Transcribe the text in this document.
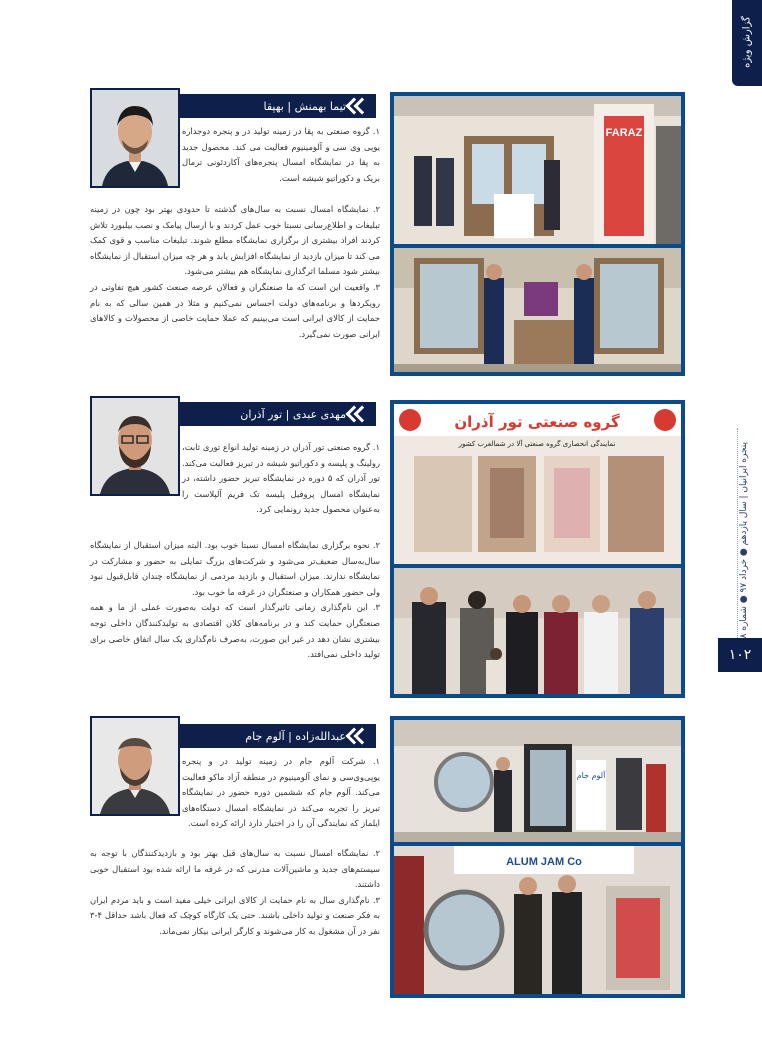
گزارش ویژه
پنجره ایرانیان | سال یازدهم ● خرداد ۹۷ ● شماره
۱۰۲
تیما بهمنش | بهپقا

۱. گروه صنعتی به پقا در زمینه تولید در و پنجره دوجداره یوپی وی سی و آلومینیوم فعالیت می کند. محصول جدید به پقا در نمایشگاه امسال پنجره‌های آکاردئونی ترمال بریک و دکوراتیو شیشه است.

۲. نمایشگاه امسال نسبت به سال‌های گذشته تا حدودی بهتر بود چون در زمینه تبلیغات و اطلاع‌رسانی نسبتا خوب عمل کردند و با ارسال پیامک و نصب بیلبورد تلاش کردند افراد بیشتری از برگزاری نمایشگاه مطلع شوند. تبلیغات مناسب و قوی کمک می کند تا میزان بازدید از نمایشگاه افزایش یابد و هر چه میزان استقبال از نمایشگاه بیشتر شود مسلما اثرگذاری نمایشگاه هم بیشتر می‌شود.

۳. واقعیت این است که ما صنعتگران و فعالان عرصه صنعت کشور هیچ تفاوتی در رویکردها و برنامه‌های دولت احساس نمی‌کنیم و مثلا در همین سالی که به نام حمایت از کالای ایرانی است می‌بینیم که عملا حمایت خاصی از محصولات و کالاهای ایرانی صورت نمی‌گیرد.

FARAZ
مهدی عبدی | تور آذران

۱. گروه صنعتی تور آذران در زمینه تولید انواع توری ثابت، رولینگ و پلیسه و دکوراتیو شیشه در تبریز فعالیت می‌کند. تور آذران که ۵ دوره در نمایشگاه تبریز حضور داشته، در نمایشگاه امسال پروفیل پلیسه تک فریم آلپلاست را به‌عنوان محصول جدید رونمایی کرد.

۲. نحوه برگزاری نمایشگاه امسال نسبتا خوب بود. البته میزان استقبال از نمایشگاه سال‌به‌سال ضعیف‌تر می‌شود و شرکت‌های بزرگ تمایلی به حضور و مشارکت در نمایشگاه ندارند. میزان استقبال و بازدید مردمی از نمایشگاه چندان قابل‌قبول نبود ولی حضور همکاران و صنعتگران در غرفه ما خوب بود.

۳. این نام‌گذاری زمانی تاثیرگذار است که دولت به‌صورت عملی از ما و همه صنعتگران حمایت کند و در برنامه‌های کلان اقتصادی به تولیدکنندگان داخلی توجه بیشتری نشان دهد در غیر این صورت، به‌صرف نام‌گذاری یک سال اتفاق خاصی برای تولید داخلی نمی‌افتد.

گروه صنعتی تور آذران
نمایندگی انحصاری گروه صنعتی آلا در شمالغرب کشور
عبدالله‌زاده | آلوم جام

۱. شرکت آلوم جام در زمینه تولید در و پنجره یوپی‌وی‌سی و نمای آلومینیوم در منطقه آزاد ماکو فعالیت می‌کند. آلوم جام که ششمین دوره حضور در نمایشگاه تبریز را تجربه می‌کند در نمایشگاه امسال دستگاه‌های ایلماز که نمایندگی آن را در اختیار دارد ارائه کرده است.

۲. نمایشگاه امسال نسبت به سال‌های قبل بهتر بود و بازدیدکنندگان با توجه به سیستم‌های جدید و ماشین‌آلات مدرنی که در غرفه ما ارائه شده بود استقبال خوبی داشتند.

۳. نام‌گذاری سال به نام حمایت از کالای ایرانی خیلی مفید است و باید مردم ایران به فکر صنعت و تولید داخلی باشند. حتی یک کارگاه کوچک که فعال باشد حداقل ۴-۳ نفر در آن مشغول به کار می‌شوند و کارگر ایرانی بیکار نمی‌ماند.

آلوم جام
ALUM JAM Co
